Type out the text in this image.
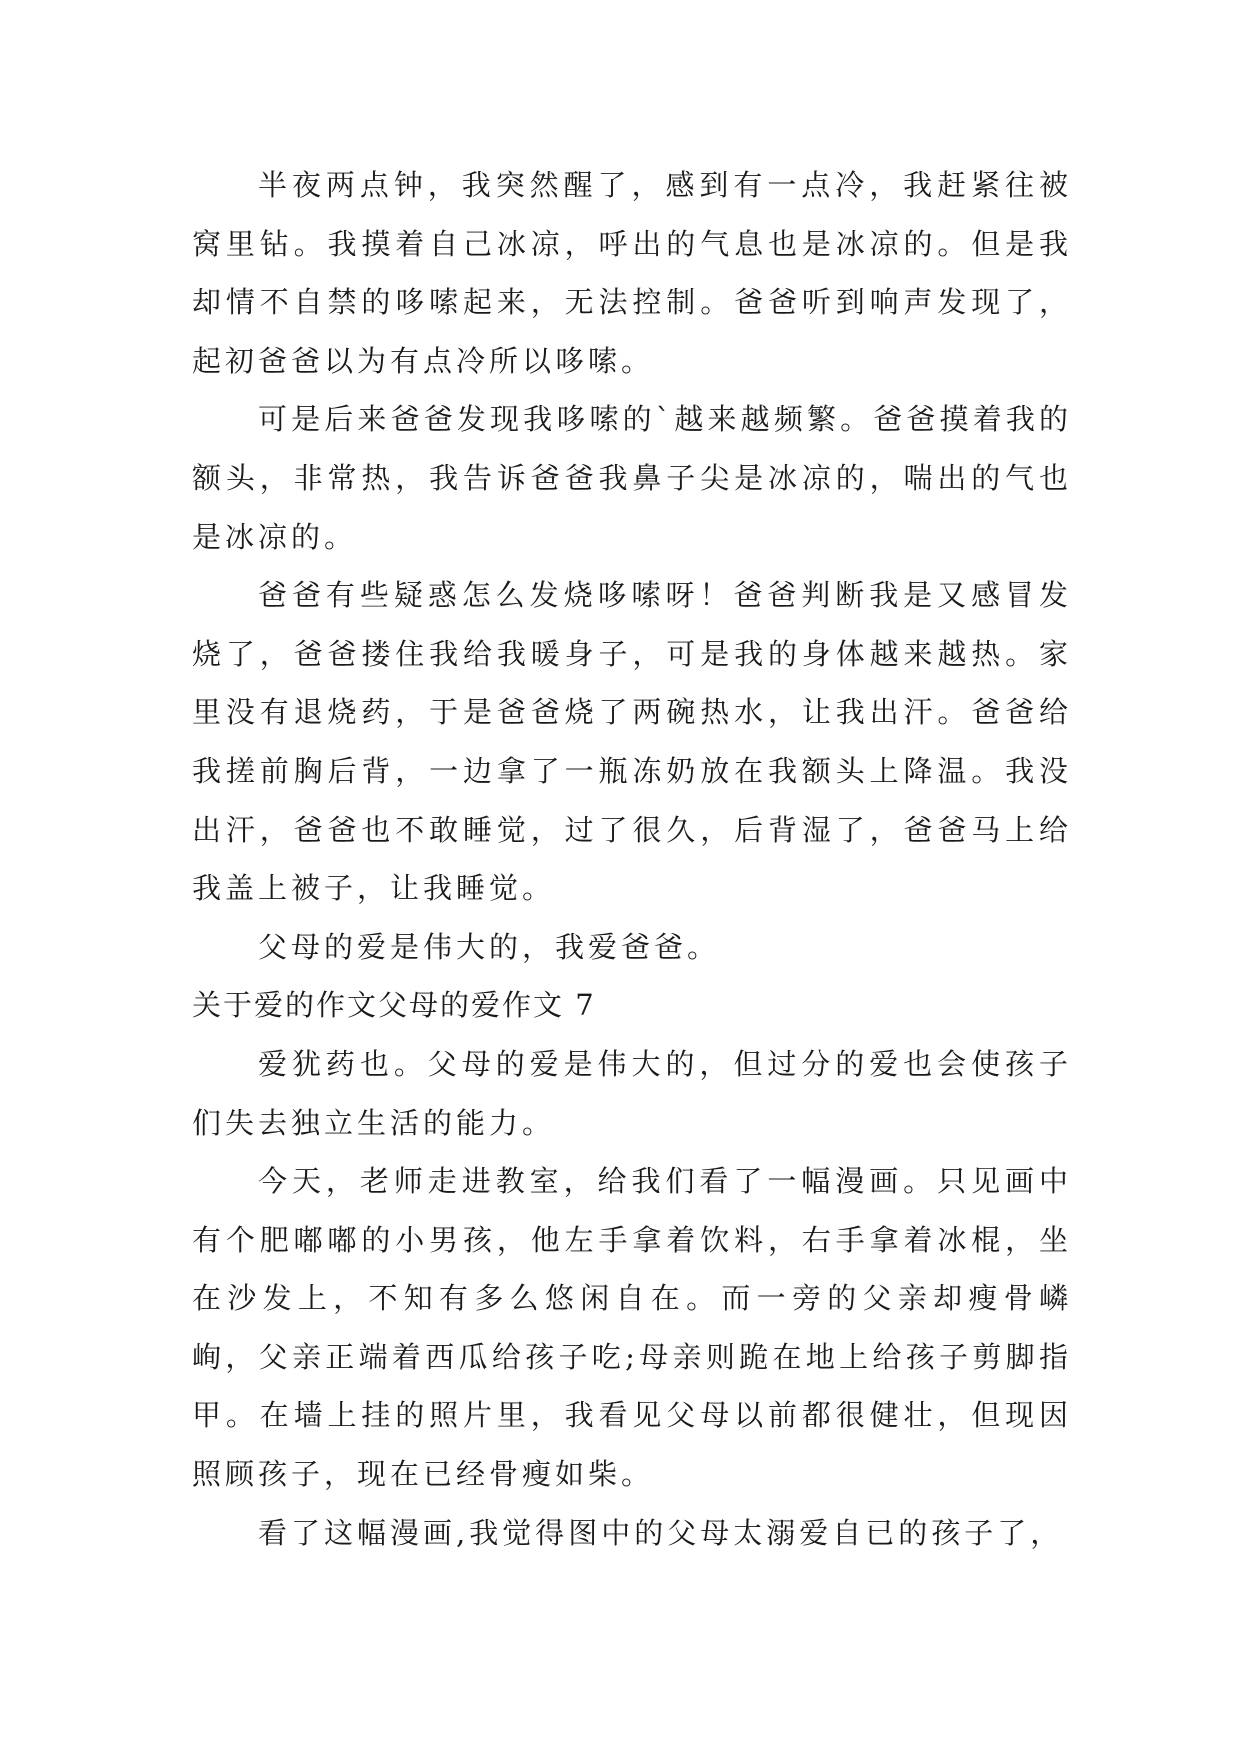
半夜两点钟，我突然醒了，感到有一点冷，我赶紧往被窝里钻。我摸着自己冰凉，呼出的气息也是冰凉的。但是我却情不自禁的哆嗦起来，无法控制。爸爸听到响声发现了，起初爸爸以为有点冷所以哆嗦。

可是后来爸爸发现我哆嗦的`越来越频繁。爸爸摸着我的额头，非常热，我告诉爸爸我鼻子尖是冰凉的，喘出的气也是冰凉的。

爸爸有些疑惑怎么发烧哆嗦呀！爸爸判断我是又感冒发烧了，爸爸搂住我给我暖身子，可是我的身体越来越热。家里没有退烧药，于是爸爸烧了两碗热水，让我出汗。爸爸给我搓前胸后背，一边拿了一瓶冻奶放在我额头上降温。我没出汗，爸爸也不敢睡觉，过了很久，后背湿了，爸爸马上给我盖上被子，让我睡觉。

父母的爱是伟大的，我爱爸爸。

关于爱的作文父母的爱作文 7

爱犹药也。父母的爱是伟大的，但过分的爱也会使孩子们失去独立生活的能力。

今天，老师走进教室，给我们看了一幅漫画。只见画中有个肥嘟嘟的小男孩，他左手拿着饮料，右手拿着冰棍，坐在沙发上，不知有多么悠闲自在。而一旁的父亲却瘦骨嶙峋，父亲正端着西瓜给孩子吃;母亲则跪在地上给孩子剪脚指甲。在墙上挂的照片里，我看见父母以前都很健壮，但现因照顾孩子，现在已经骨瘦如柴。

看了这幅漫画,我觉得图中的父母太溺爱自已的孩子了，
